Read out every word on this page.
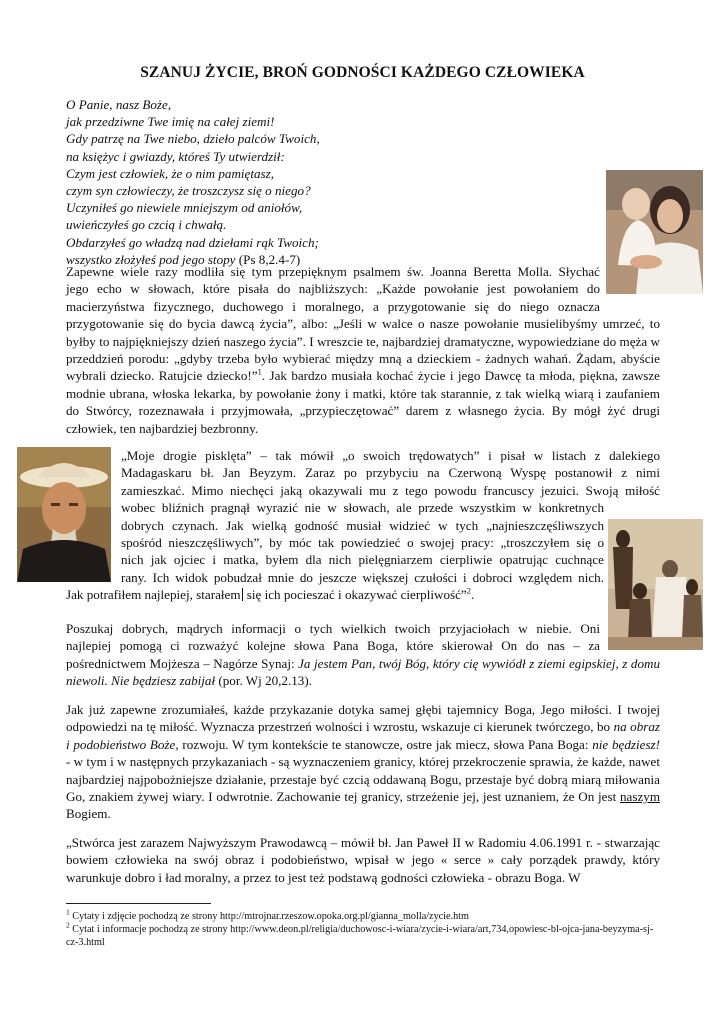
SZANUJ ŻYCIE, BROŃ GODNOŚCI KAŻDEGO CZŁOWIEKA
O Panie, nasz Boże,
jak przedziwne Twe imię na całej ziemi!
Gdy patrzę na Twe niebo, dzieło palców Twoich,
na księżyc i gwiazdy, któreś Ty utwierdził:
Czym jest człowiek, że o nim pamiętasz,
czym syn człowieczy, że troszczysz się o niego?
Uczyniłeś go niewiele mniejszym od aniołów,
uwieńczyłeś go czcią i chwałą.
Obdarzyłeś go władzą nad dziełami rąk Twoich;
wszystko złożyłeś pod jego stopy (Ps 8,2.4-7)
Zapewne wiele razy modliła się tym przepięknym psalmem św. Joanna Beretta Molla. Słychać
jego echo w słowach, które pisała do najbliższych: „Każde powołanie jest powołaniem do
macierzyństwa fizycznego, duchowego i moralnego, a przygotowanie się do niego oznacza
przygotowanie się do bycia dawcą życia”, albo: „Jeśli w walce o nasze powołanie musielibyśmy umrzeć, to byłby to najpiękniejszy dzień naszego życia”. I wreszcie te, najbardziej dramatyczne, wypowiedziane do męża w przeddzień porodu: „gdyby trzeba było wybierać między mną a dzieckiem - żadnych wahań. Żądam, abyście wybrali dziecko. Ratujcie dziecko!”$^1$. Jak bardzo musiała kochać życie i jego Dawcę ta młoda, piękna, zawsze modnie ubrana, włoska lekarka, by powołanie żony i matki, które tak starannie, z tak wielką wiarą i zaufaniem do Stwórcy, rozeznawała i przyjmowała, „przypieczętować” darem z własnego życia. By mógł żyć drugi człowiek, ten najbardziej bezbronny.
„Moje drogie pisklęta” – tak mówił „o swoich trędowatych” i pisał w listach z dalekiego
Madagaskaru bł. Jan Beyzym. Zaraz po przybyciu na Czerwoną Wyspę postanowił z nimi
zamieszkać. Mimo niechęci jaką okazywali mu z tego powodu francuscy jezuici. Swoją miłość
wobec bliźnich pragnął wyrazić nie w słowach, ale przede wszystkim w konkretnych
dobrych czynach. Jak wielką godność musiał widzieć w tych „najnieszczęśliwszych
spośród nieszczęśliwych”, by móc tak powiedzieć o swojej pracy: „troszczyłem się o
nich jak ojciec i matka, byłem dla nich pielęgniarzem cierpliwie opatrując cuchnące
rany. Ich widok pobudzał mnie do jeszcze większej czułości i dobroci względem nich.
Jak potrafiłem najlepiej, starałem się ich pocieszać i okazywać cierpliwość”$^2$.
Poszukaj dobrych, mądrych informacji o tych wielkich twoich przyjaciołach w niebie. Oni
najlepiej pomogą ci rozważyć kolejne słowa Pana Boga, które skierował On do nas – za
pośrednictwem Mojżesza – Nagórze Synaj: Ja jestem Pan, twój Bóg, który cię wywiódł z ziemi egipskiej, z domu niewoli. Nie będziesz zabijał (por. Wj 20,2.13).
Jak już zapewne zrozumiałeś, każde przykazanie dotyka samej głębi tajemnicy Boga, Jego miłości. I twojej odpowiedzi na tę miłość. Wyznacza przestrzeń wolności i wzrostu, wskazuje ci kierunek twórczego, bo na obraz i podobieństwo Boże, rozwoju. W tym kontekście te stanowcze, ostre jak miecz, słowa Pana Boga: nie będziesz! - w tym i w następnych przykazaniach - są wyznaczeniem granicy, której przekroczenie sprawia, że każde, nawet najbardziej najpobożniejsze działanie, przestaje być czcią oddawaną Bogu, przestaje być dobrą miarą miłowania Go, znakiem żywej wiary. I odwrotnie. Zachowanie tej granicy, strzeżenie jej, jest uznaniem, że On jest naszym Bogiem.
„Stwórca jest zarazem Najwyższym Prawodawcą – mówił bł. Jan Paweł II w Radomiu 4.06.1991 r. - stwarzając bowiem człowieka na swój obraz i podobieństwo, wpisał w jego « serce » cały porządek prawdy, który warunkuje dobro i ład moralny, a przez to jest też podstawą godności człowieka - obrazu Boga. W
$^1$ Cytaty i zdjęcie pochodzą ze strony http://mtrojnar.rzeszow.opoka.org.pl/gianna_molla/zycie.htm
$^2$ Cytat i informacje pochodzą ze strony http://www.deon.pl/religia/duchowosc-i-wiara/zycie-i-wiara/art,734,opowiesc-bl-ojca-jana-beyzyma-sj-cz-3.html
